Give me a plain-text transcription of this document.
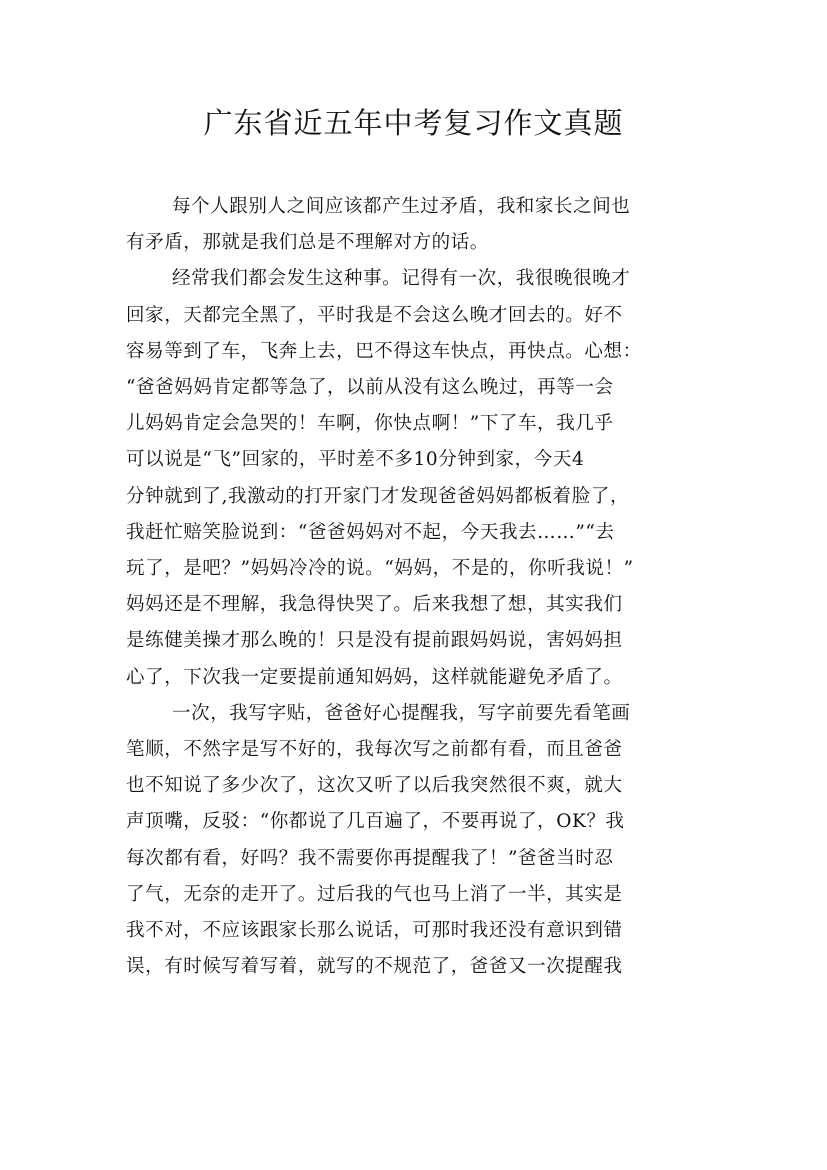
广东省近五年中考复习作文真题

每个人跟别人之间应该都产生过矛盾，我和家长之间也
有矛盾，那就是我们总是不理解对方的话。

经常我们都会发生这种事。记得有一次，我很晚很晚才
回家，天都完全黑了，平时我是不会这么晚才回去的。好不
容易等到了车，飞奔上去，巴不得这车快点，再快点。心想：
“爸爸妈妈肯定都等急了，以前从没有这么晚过，再等一会
儿妈妈肯定会急哭的！车啊，你快点啊！”下了车，我几乎
可以说是“飞”回家的，平时差不多10分钟到家，今天4
分钟就到了,我激动的打开家门才发现爸爸妈妈都板着脸了，
我赶忙赔笑脸说到：“爸爸妈妈对不起，今天我去……”“去
玩了，是吧？”妈妈冷冷的说。“妈妈，不是的，你听我说！”
妈妈还是不理解，我急得快哭了。后来我想了想，其实我们
是练健美操才那么晚的！只是没有提前跟妈妈说，害妈妈担
心了，下次我一定要提前通知妈妈，这样就能避免矛盾了。

一次，我写字贴，爸爸好心提醒我，写字前要先看笔画
笔顺，不然字是写不好的，我每次写之前都有看，而且爸爸
也不知说了多少次了，这次又听了以后我突然很不爽，就大
声顶嘴，反驳：“你都说了几百遍了，不要再说了，OK？我
每次都有看，好吗？我不需要你再提醒我了！”爸爸当时忍
了气，无奈的走开了。过后我的气也马上消了一半，其实是
我不对，不应该跟家长那么说话，可那时我还没有意识到错
误，有时候写着写着，就写的不规范了，爸爸又一次提醒我
